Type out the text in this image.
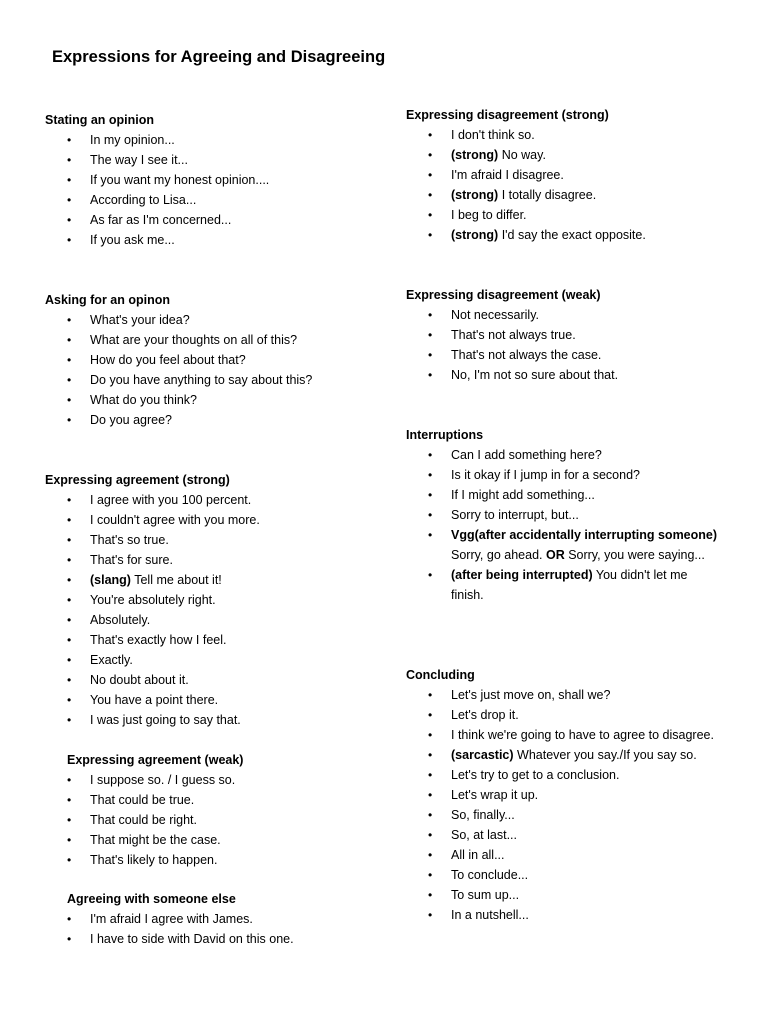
Expressions for Agreeing and Disagreeing
Stating an opinion
• In my opinion...
• The way I see it...
• If you want my honest opinion....
• According to Lisa...
• As far as I'm concerned...
• If you ask me...
Asking for an opinon
• What's your idea?
• What are your thoughts on all of this?
• How do you feel about that?
• Do you have anything to say about this?
• What do you think?
• Do you agree?
Expressing agreement (strong)
• I agree with you 100 percent.
• I couldn't agree with you more.
• That's so true.
• That's for sure.
• (slang) Tell me about it!
• You're absolutely right.
• Absolutely.
• That's exactly how I feel.
• Exactly.
• No doubt about it.
• You have a point there.
• I was just going to say that.
Expressing agreement (weak)
• I suppose so. / I guess so.
• That could be true.
• That could be right.
• That might be the case.
• That's likely to happen.
Agreeing with someone else
• I'm afraid I agree with James.
• I have to side with David on this one.
Expressing disagreement (strong)
• I don't think so.
• (strong) No way.
• I'm afraid I disagree.
• (strong) I totally disagree.
• I beg to differ.
• (strong) I'd say the exact opposite.
Expressing disagreement (weak)
• Not necessarily.
• That's not always true.
• That's not always the case.
• No, I'm not so sure about that.
Interruptions
• Can I add something here?
• Is it okay if I jump in for a second?
• If I might add something...
• Sorry to interrupt, but...
• Vgg(after accidentally interrupting someone) Sorry, go ahead. OR Sorry, you were saying...
• (after being interrupted) You didn't let me finish.
Concluding
• Let's just move on, shall we?
• Let's drop it.
• I think we're going to have to agree to disagree.
• (sarcastic) Whatever you say./If you say so.
• Let's try to get to a conclusion.
• Let's wrap it up.
• So, finally...
• So, at last...
• All in all...
• To conclude...
• To sum up...
• In a nutshell...
